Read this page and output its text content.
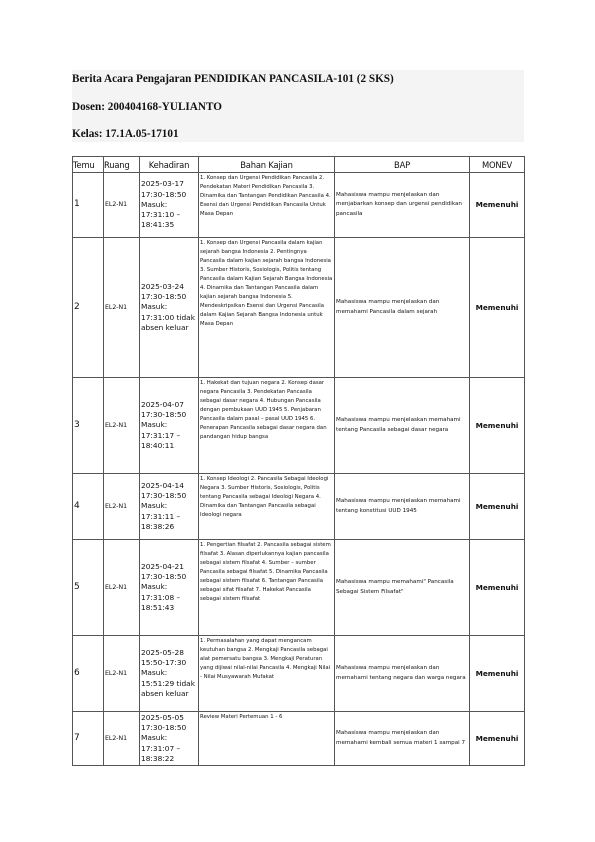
Berita Acara Pengajaran PENDIDIKAN PANCASILA-101 (2 SKS)
Dosen: 200404168-YULIANTO
Kelas: 17.1A.05-17101
Temu	Ruang	Kehadiran	Bahan Kajian	BAP	MONEV
1	EL2-N1	2025-03-17 17:30-18:50 Masuk: 17:31:10 –18:41:35	1. Konsep dan Urgensi Pendidikan Pancasila 2. Pendekatan Materi Pendidikan Pancasila 3. Dinamika dan Tantangan Pendidikan Pancasila 4. Esensi dan Urgensi Pendidikan Pancasila Untuk Masa Depan	Mahasiswa mampu menjelaskan dan menjabarkan konsep dan urgensi pendidikan pancasila	Memenuhi
2	EL2-N1	2025-03-24 17:30-18:50 Masuk: 17:31:00 tidak absen keluar	1. Konsep dan Urgensi Pancasila dalam kajian sejarah bangsa Indonesia 2. Pentingnya Pancasila dalam kajian sejarah bangsa Indonesia 3. Sumber Historis, Sosiologis, Politis tentang Pancasila dalam Kajian Sejarah Bangsa Indonesia 4. Dinamika dan Tantangan Pancasila dalam kajian sejarah bangsa Indonesia 5. Mendeskripsikan Esensi dan Urgensi Pancasila dalam Kajian Sejarah Bangsa Indonesia untuk Masa Depan	Mahasiswa mampu menjelaskan dan memahami Pancasila dalam sejarah	Memenuhi
3	EL2-N1	2025-04-07 17:30-18:50 Masuk: 17:31:17 –18:40:11	1. Hakekat dan tujuan negara 2. Konsep dasar negara Pancasila 3. Pendekatan Pancasila sebagai dasar negara 4. Hubungan Pancasila dengan pembukaan UUD 1945 5. Penjabaran Pancasila dalam pasal – pasal UUD 1945 6. Penerapan Pancasila sebagai dasar negara dan pandangan hidup bangsa	Mahasiswa mampu menjelaskan memahami tentang Pancasila sebagai dasar negara	Memenuhi
4	EL2-N1	2025-04-14 17:30-18:50 Masuk: 17:31:11 –18:38:26	1. Konsep Ideologi 2. Pancasila Sebagai Ideologi Negara 3. Sumber Historis, Sosiologis, Politis tentang Pancasila sebagai Ideologi Negara 4. Dinamika dan Tantangan Pancasila sebagai Ideologi negara	Mahasiswa mampu menjelaskan memahami tentang konstitusi UUD 1945	Memenuhi
5	EL2-N1	2025-04-21 17:30-18:50 Masuk: 17:31:08 –18:51:43	1. Pengertian filsafat 2. Pancasila sebagai sistem filsafat 3. Alasan diperlukannya kajian pancasila sebagai sistem filsafat 4. Sumber – sumber Pancasila sebagai filsafat 5. Dinamika Pancasila sebagai sistem filsafat 6. Tantangan Pancasila sebagai sifat filsafat 7. Hakekat Pancasila sebagai sistem filsafat	Mahasiswa mampu memahami" Pancasila Sebagai Sistem Filsafat"	Memenuhi
6	EL2-N1	2025-05-28 15:50-17:30 Masuk: 15:51:29 tidak absen keluar	1. Permasalahan yang dapat mengancam keutuhan bangsa 2. Mengkaji Pancasila sebagai alat pemersatu bangsa 3. Mengkaji Peraturan yang dijiwai nilai-nilai Pancasila 4. Mengkaji Nilai - Nilai Musyawarah Mufakat	Mahasiswa mampu menjelaskan dan memahami tentang negara dan warga negara	Memenuhi
7	EL2-N1	2025-05-05 17:30-18:50 Masuk: 17:31:07 –18:38:22	Review Materi Pertemuan 1 - 6	Mahasiswa mampu menjelaskan dan memahami kembali semua materi 1 sampai 7	Memenuhi
